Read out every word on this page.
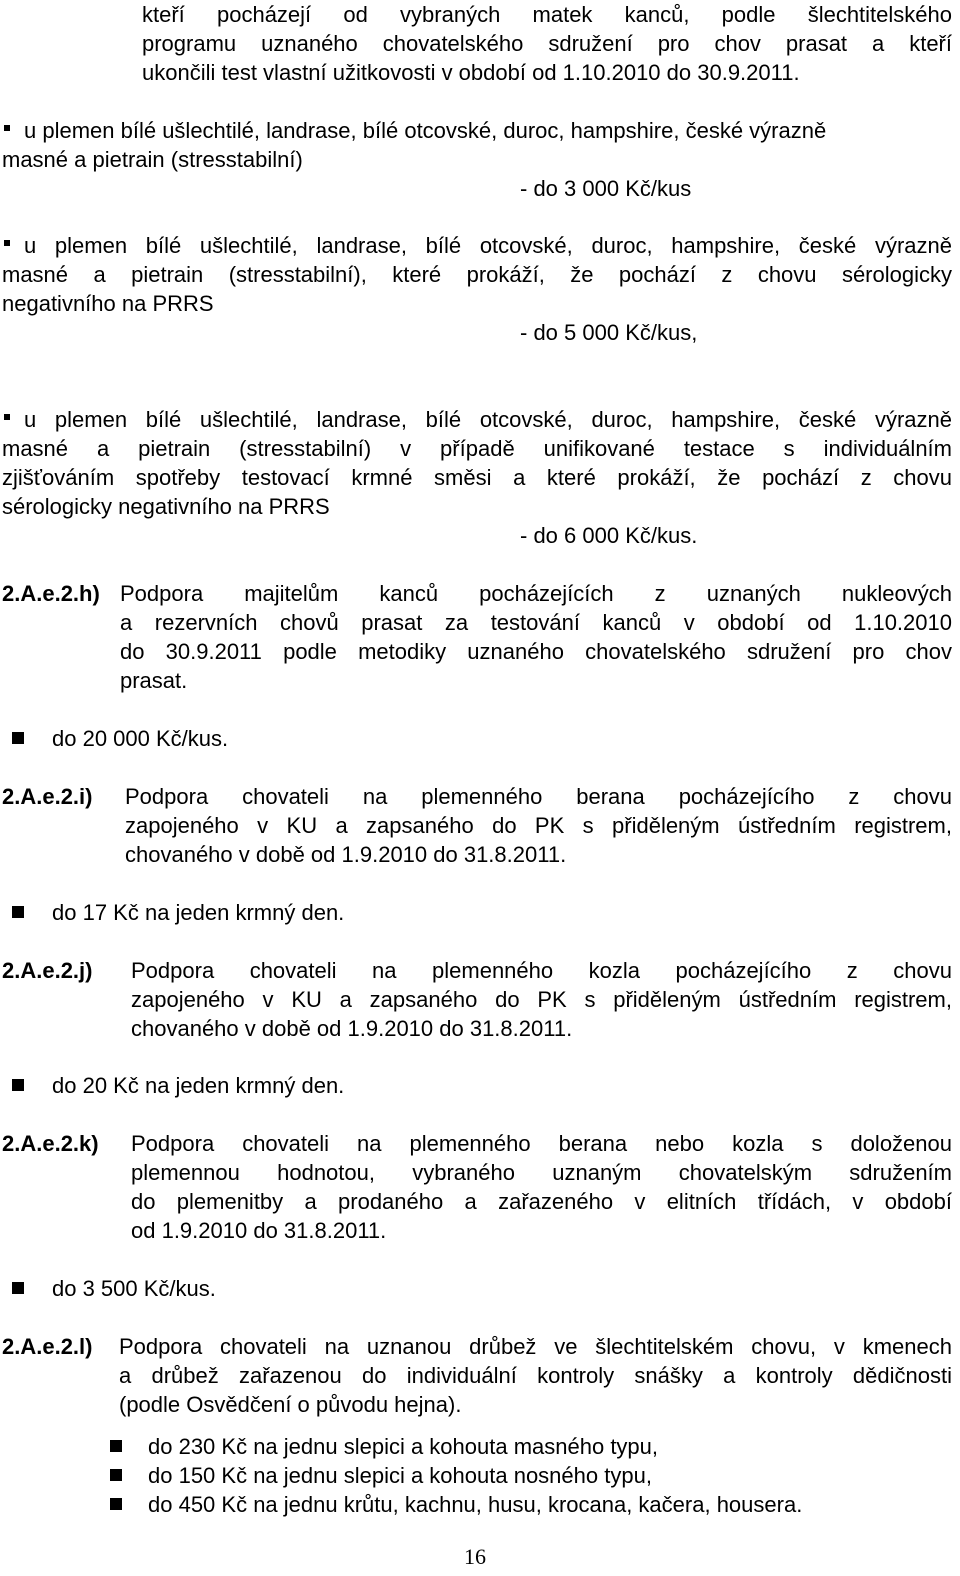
kteří pocházejí od vybraných matek kanců, podle šlechtitelského
programu uznaného chovatelského sdružení pro chov prasat a kteří
ukončili test vlastní užitkovosti v období od 1.10.2010 do 30.9.2011.
u plemen bílé ušlechtilé, landrase, bílé otcovské, duroc, hampshire, české výrazně
masné a pietrain (stresstabilní)
- do 3 000 Kč/kus
u plemen bílé ušlechtilé, landrase, bílé otcovské, duroc, hampshire, české výrazně
masné a pietrain (stresstabilní), které prokáží, že pochází z chovu sérologicky
negativního na PRRS
- do 5 000 Kč/kus,
u plemen bílé ušlechtilé, landrase, bílé otcovské, duroc, hampshire, české výrazně
masné a pietrain (stresstabilní) v případě unifikované testace s individuálním
zjišťováním spotřeby testovací krmné směsi a které prokáží, že pochází z chovu
sérologicky negativního na PRRS
- do 6 000 Kč/kus.
2.A.e.2.h) Podpora majitelům kanců pocházejících z uznaných nukleových
a rezervních chovů prasat za testování kanců v období od 1.10.2010
do 30.9.2011 podle metodiky uznaného chovatelského sdružení pro chov
prasat.
do 20 000 Kč/kus.
2.A.e.2.i) Podpora chovateli na plemenného berana pocházejícího z chovu
zapojeného v KU a zapsaného do PK s přiděleným ústředním registrem,
chovaného v době od 1.9.2010 do 31.8.2011.
do 17 Kč na jeden krmný den.
2.A.e.2.j) Podpora chovateli na plemenného kozla pocházejícího z chovu
zapojeného v KU a zapsaného do PK s přiděleným ústředním registrem,
chovaného v době od 1.9.2010 do 31.8.2011.
do 20 Kč na jeden krmný den.
2.A.e.2.k) Podpora chovateli na plemenného berana nebo kozla s doloženou
plemennou hodnotou, vybraného uznaným chovatelským sdružením
do plemenitby a prodaného a zařazeného v elitních třídách, v období
od 1.9.2010 do 31.8.2011.
do 3 500 Kč/kus.
2.A.e.2.l) Podpora chovateli na uznanou drůbež ve šlechtitelském chovu, v kmenech
a drůbež zařazenou do individuální kontroly snášky a kontroly dědičnosti
(podle Osvědčení o původu hejna).
do 230 Kč na jednu slepici a kohouta masného typu,
do 150 Kč na jednu slepici a kohouta nosného typu,
do 450 Kč na jednu krůtu, kachnu, husu, krocana, kačera, housera.
16
